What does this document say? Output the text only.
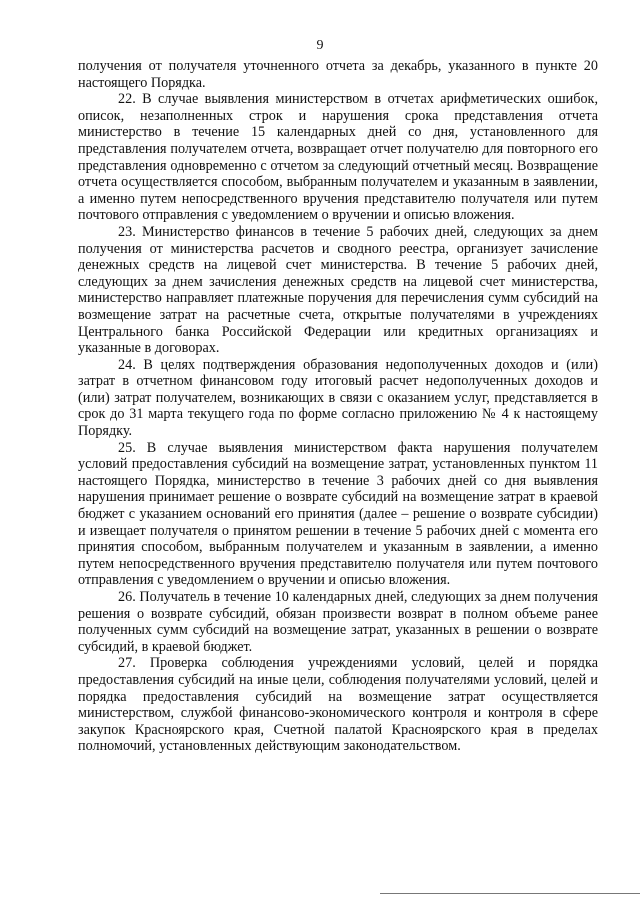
9

получения от получателя уточненного отчета за декабрь, указанного в пункте 20 настоящего Порядка.

22. В случае выявления министерством в отчетах арифметических ошибок, описок, незаполненных строк и нарушения срока представления отчета министерство в течение 15 календарных дней со дня, установленного для представления получателем отчета, возвращает отчет получателю для повторного его представления одновременно с отчетом за следующий отчетный месяц. Возвращение отчета осуществляется способом, выбранным получателем и указанным в заявлении, а именно путем непосредственного вручения представителю получателя или путем почтового отправления с уведомлением о вручении и описью вложения.

23. Министерство финансов в течение 5 рабочих дней, следующих за днем получения от министерства расчетов и сводного реестра, организует зачисление денежных средств на лицевой счет министерства. В течение 5 рабочих дней, следующих за днем зачисления денежных средств на лицевой счет министерства, министерство направляет платежные поручения для перечисления сумм субсидий на возмещение затрат на расчетные счета, открытые получателями в учреждениях Центрального банка Российской Федерации или кредитных организациях и указанные в договорах.

24. В целях подтверждения образования недополученных доходов и (или) затрат в отчетном финансовом году итоговый расчет недополученных доходов и (или) затрат получателем, возникающих в связи с оказанием услуг, представляется в срок до 31 марта текущего года по форме согласно приложению № 4 к настоящему Порядку.

25. В случае выявления министерством факта нарушения получателем условий предоставления субсидий на возмещение затрат, установленных пунктом 11 настоящего Порядка, министерство в течение 3 рабочих дней со дня выявления нарушения принимает решение о возврате субсидий на возмещение затрат в краевой бюджет с указанием оснований его принятия (далее – решение о возврате субсидии) и извещает получателя о принятом решении в течение 5 рабочих дней с момента его принятия способом, выбранным получателем и указанным в заявлении, а именно путем непосредственного вручения представителю получателя или путем почтового отправления с уведомлением о вручении и описью вложения.

26. Получатель в течение 10 календарных дней, следующих за днем получения решения о возврате субсидий, обязан произвести возврат в полном объеме ранее полученных сумм субсидий на возмещение затрат, указанных в решении о возврате субсидий, в краевой бюджет.

27. Проверка соблюдения учреждениями условий, целей и порядка предоставления субсидий на иные цели, соблюдения получателями условий, целей и порядка предоставления субсидий на возмещение затрат осуществляется министерством, службой финансово-экономического контроля и контроля в сфере закупок Красноярского края, Счетной палатой Красноярского края в пределах полномочий, установленных действующим законодательством.
